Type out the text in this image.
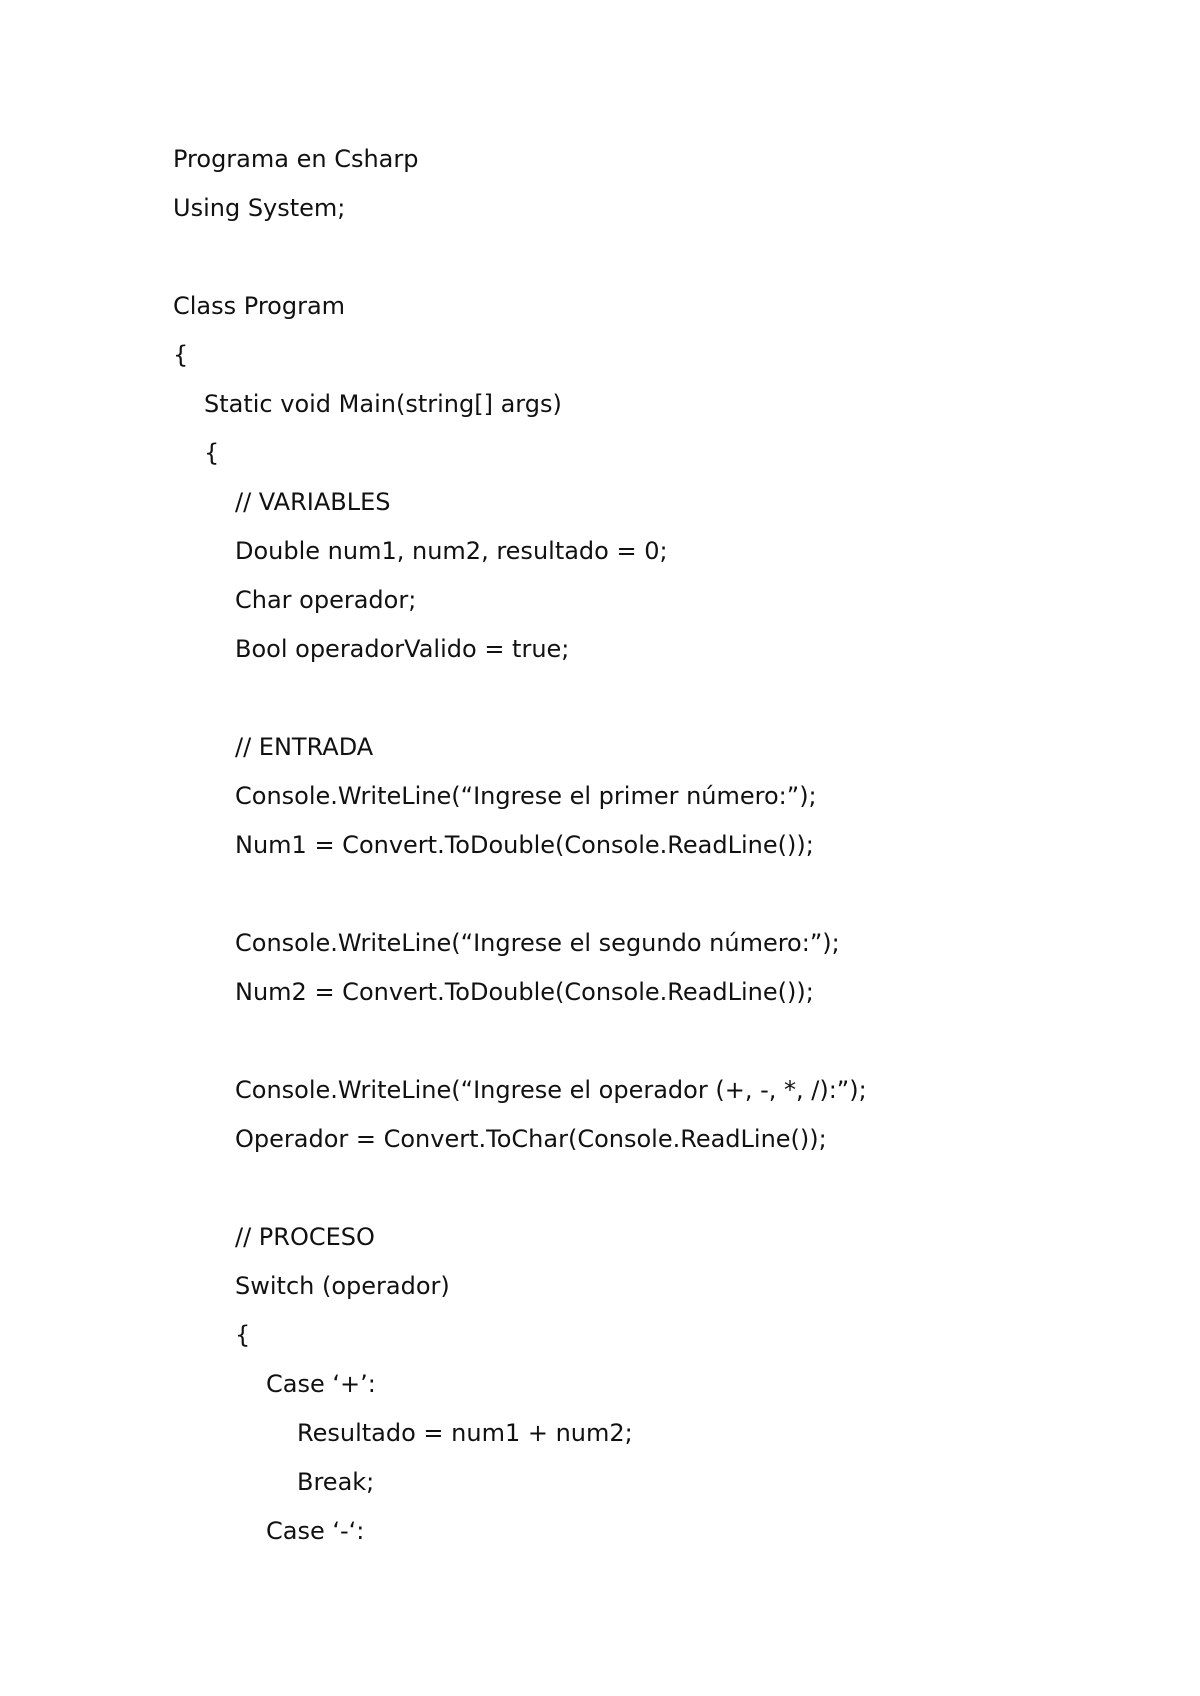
Programa en Csharp
Using System;
Class Program
{
Static void Main(string[] args)
{
// VARIABLES
Double num1, num2, resultado = 0;
Char operador;
Bool operadorValido = true;
// ENTRADA
Console.WriteLine(“Ingrese el primer número:”);
Num1 = Convert.ToDouble(Console.ReadLine());
Console.WriteLine(“Ingrese el segundo número:”);
Num2 = Convert.ToDouble(Console.ReadLine());
Console.WriteLine(“Ingrese el operador (+, -, *, /):”);
Operador = Convert.ToChar(Console.ReadLine());
// PROCESO
Switch (operador)
{
Case ‘+’:
Resultado = num1 + num2;
Break;
Case ‘-‘:
